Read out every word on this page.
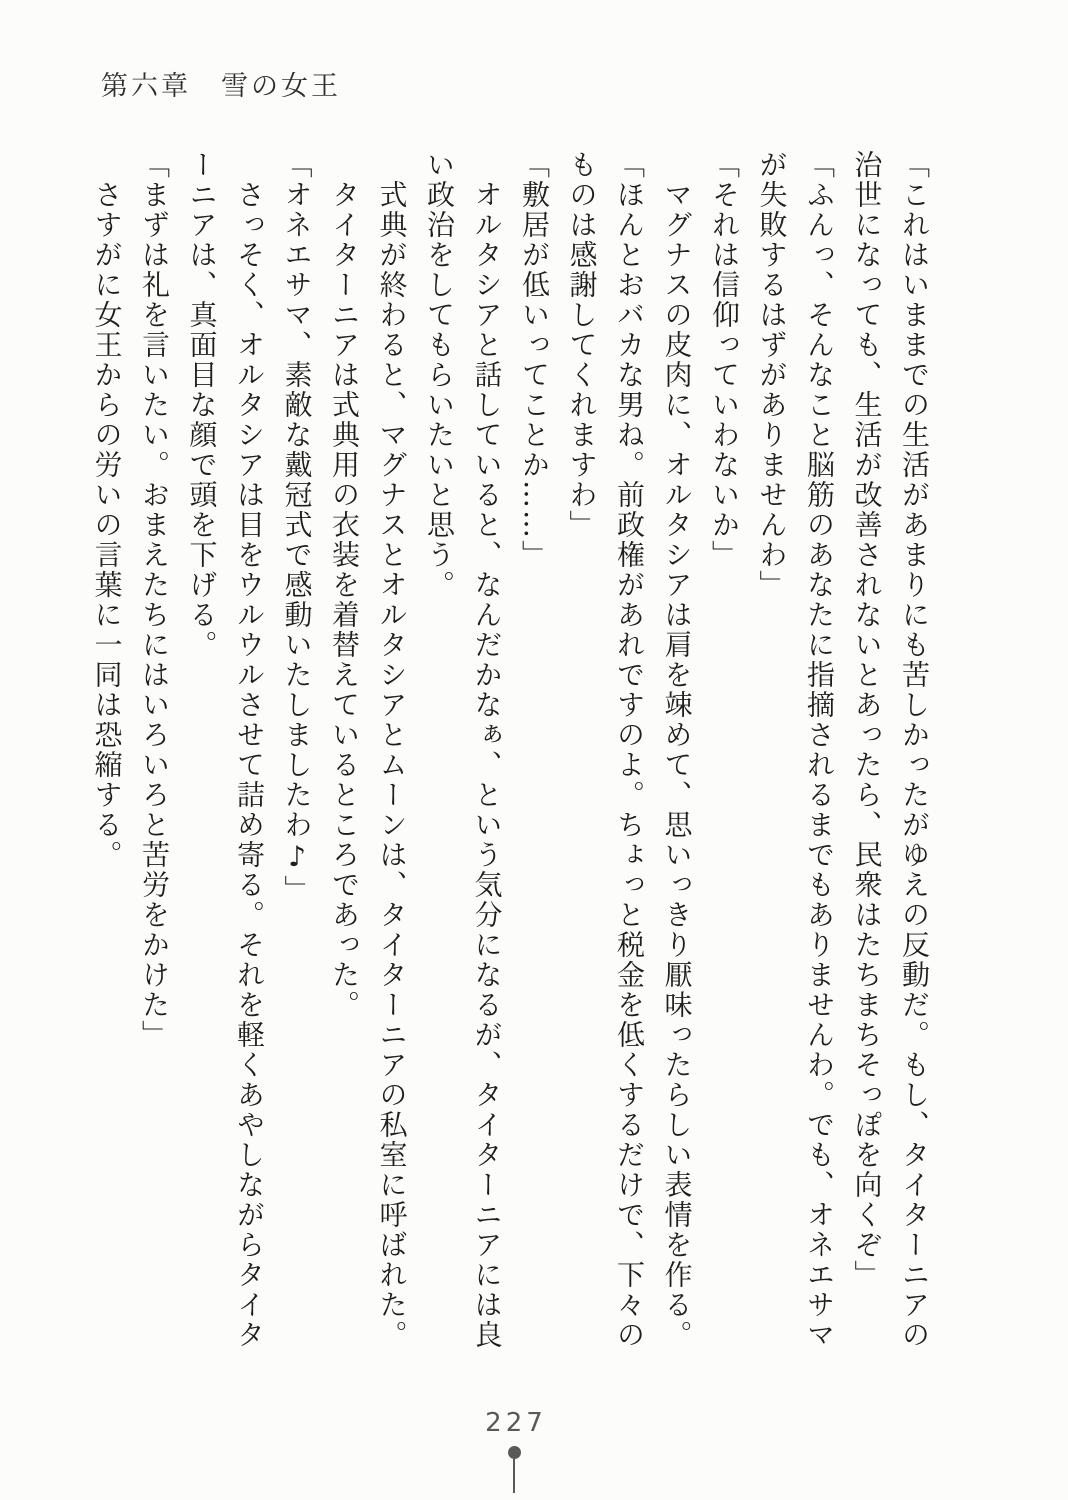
第六章　雪の女王
「これはいままでの生活があまりにも苦しかったがゆえの反動だ。もし、タイターニアの
治世になっても、生活が改善されないとあったら、民衆はたちまちそっぽを向くぞ」
「ふんっ、そんなこと脳筋のあなたに指摘されるまでもありませんわ。でも、オネエサマ
が失敗するはずがありませんわ」
「それは信仰っていわないか」
　マグナスの皮肉に、オルタシアは肩を竦めて、思いっきり厭味ったらしい表情を作る。
「ほんとおバカな男ね。前政権があれですのよ。ちょっと税金を低くするだけで、下々の
ものは感謝してくれますわ」
「敷居が低いってことか……」
　オルタシアと話していると、なんだかなぁ、という気分になるが、タイターニアには良
い政治をしてもらいたいと思う。
　式典が終わると、マグナスとオルタシアとムーンは、タイターニアの私室に呼ばれた。
　タイターニアは式典用の衣装を着替えているところであった。
「オネエサマ、素敵な戴冠式で感動いたしましたわ♪」
　さっそく、オルタシアは目をウルウルさせて詰め寄る。それを軽くあやしながらタイタ
ーニアは、真面目な顔で頭を下げる。
「まずは礼を言いたい。おまえたちにはいろいろと苦労をかけた」
　さすがに女王からの労いの言葉に一同は恐縮する。
227
